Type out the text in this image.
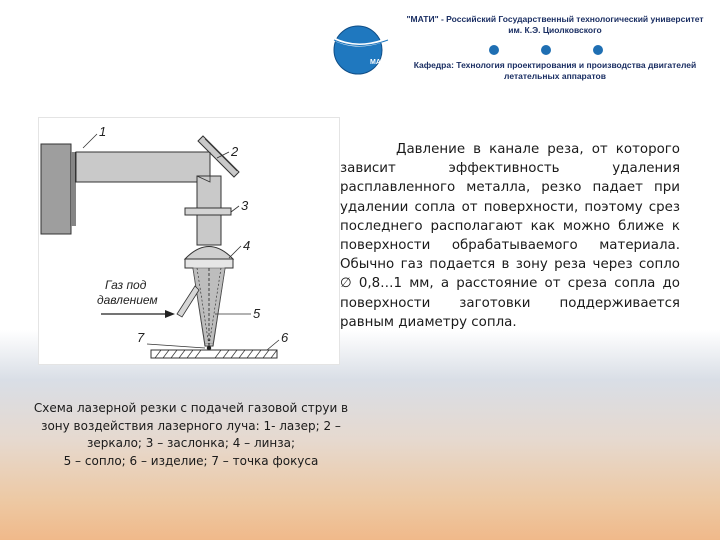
МАТИ
"МАТИ" - Российский Государственный технологический университет
им. К.Э. Циолковского
Кафедра: Технология проектирования и производства двигателей
летательных аппаратов
1
2
3
4
5
6
7
Газ под
давлением
Давление в канале реза, от которого зависит эффективность удаления расплавленного металла, резко падает при удалении сопла от поверхности, поэтому срез последнего располагают как можно ближе к поверхности обрабатываемого материала. Обычно газ подается в зону реза через сопло ∅ 0,8…1 мм, а расстояние от среза сопла до поверхности заготовки поддерживается равным диаметру сопла.
Схема лазерной резки с подачей газовой струи в
зону воздействия лазерного луча: 1- лазер; 2 –
зеркало; 3 – заслонка; 4 – линза;
5 – сопло; 6 – изделие; 7 – точка фокуса
